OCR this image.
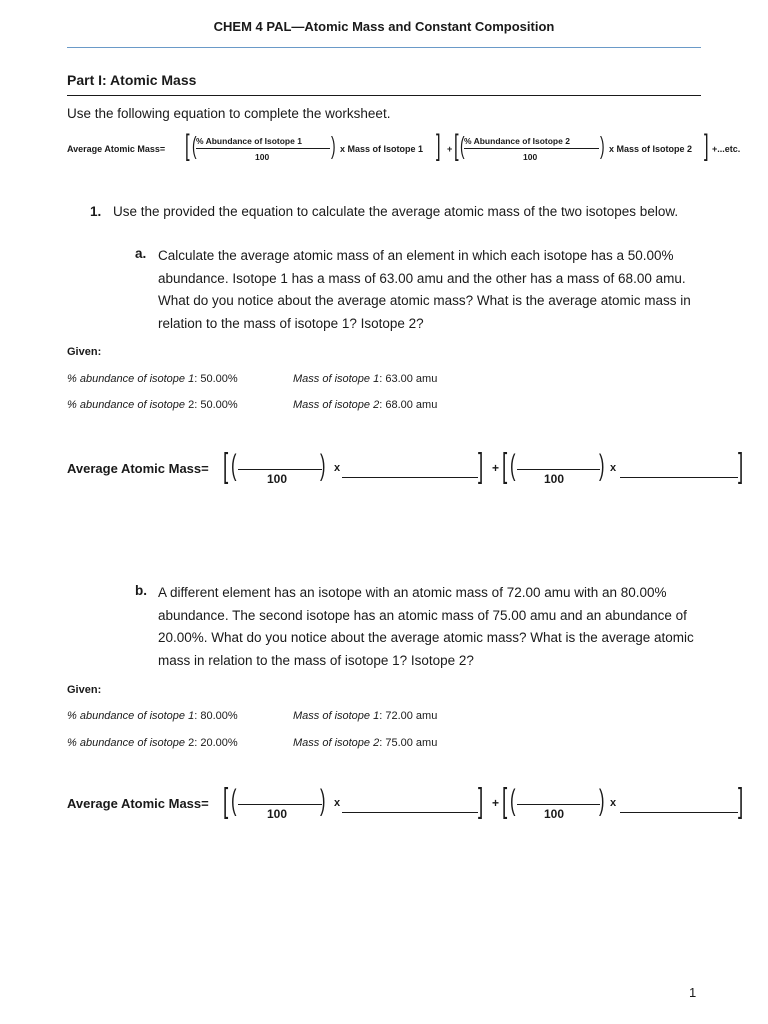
CHEM 4 PAL—Atomic Mass and Constant Composition
Part I: Atomic Mass
Use the following equation to complete the worksheet.
Average Atomic Mass= [ ( % Abundance of Isotope 1
100 ) x Mass of Isotope 1 ] + [ ( % Abundance of Isotope 2
100	) x Mass of Isotope 2 ] +...etc.
1. Use the provided the equation to calculate the average atomic mass of the two isotopes below.
a. Calculate the average atomic mass of an element in which each isotope has a 50.00% abundance. Isotope 1 has a mass of 63.00 amu and the other has a mass of 68.00 amu. What do you notice about the average atomic mass? What is the average atomic mass in relation to the mass of isotope 1? Isotope 2?
Given:
% abundance of isotope 1: 50.00%	Mass of isotope 1: 63.00 amu
% abundance of isotope 2: 50.00%	Mass of isotope 2: 68.00 amu
Average Atomic Mass= [ (	100 ) x	] + [ ( 100 ) x	]
b. A different element has an isotope with an atomic mass of 72.00 amu with an 80.00% abundance. The second isotope has an atomic mass of 75.00 amu and an abundance of 20.00%. What do you notice about the average atomic mass? What is the average atomic mass in relation to the mass of isotope 1? Isotope 2?
Given:
% abundance of isotope 1: 80.00%	Mass of isotope 1: 72.00 amu
% abundance of isotope 2: 20.00%	Mass of isotope 2: 75.00 amu
Average Atomic Mass= [ (	100 ) x	] + [ ( 100 ) x	]
1
